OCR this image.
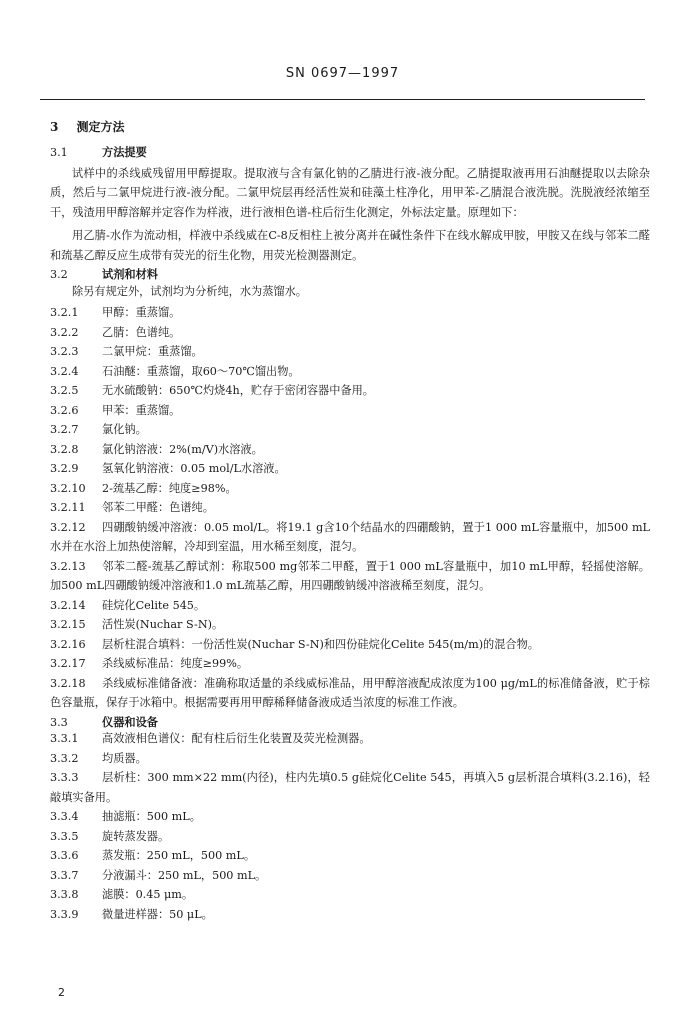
SN 0697—1997
3 测定方法
3.1	方法提要
试样中的杀线威残留用甲醇提取。提取液与含有氯化钠的乙腈进行液-液分配。乙腈提取液再用石油醚提取以去除杂质，然后与二氯甲烷进行液-液分配。二氯甲烷层再经活性炭和硅藻土柱净化，用甲苯-乙腈混合液洗脱。洗脱液经浓缩至干，残渣用甲醇溶解并定容作为样液，进行液相色谱-柱后衍生化测定，外标法定量。原理如下：
用乙腈-水作为流动相，样液中杀线威在C-8反相柱上被分离并在碱性条件下在线水解成甲胺，甲胺又在线与邻苯二醛和巯基乙醇反应生成带有荧光的衍生化物，用荧光检测器测定。
3.2	试剂和材料
除另有规定外，试剂均为分析纯，水为蒸馏水。
3.2.1	甲醇：重蒸馏。
3.2.2	乙腈：色谱纯。
3.2.3	二氯甲烷：重蒸馏。
3.2.4	石油醚：重蒸馏，取60～70℃馏出物。
3.2.5	无水硫酸钠：650℃灼烧4h，贮存于密闭容器中备用。
3.2.6	甲苯：重蒸馏。
3.2.7	氯化钠。
3.2.8	氯化钠溶液：2%(m/V)水溶液。
3.2.9	氢氧化钠溶液：0.05 mol/L水溶液。
3.2.10	2-巯基乙醇：纯度≥98%。
3.2.11	邻苯二甲醛：色谱纯。
3.2.12 四硼酸钠缓冲溶液：0.05 mol/L。将19.1 g含10个结晶水的四硼酸钠，置于1 000 mL容量瓶中，加500 mL水并在水浴上加热使溶解，冷却到室温，用水稀至刻度，混匀。
3.2.13 邻苯二醛-巯基乙醇试剂：称取500 mg邻苯二甲醛，置于1 000 mL容量瓶中，加10 mL甲醇，轻摇使溶解。加500 mL四硼酸钠缓冲溶液和1.0 mL巯基乙醇，用四硼酸钠缓冲溶液稀至刻度，混匀。
3.2.14	硅烷化Celite 545。
3.2.15	活性炭(Nuchar S-N)。
3.2.16	层析柱混合填料：一份活性炭(Nuchar S-N)和四份硅烷化Celite 545(m/m)的混合物。
3.2.17	杀线威标准品：纯度≥99%。
3.2.18 杀线威标准储备液：准确称取适量的杀线威标准品，用甲醇溶液配成浓度为100 μg/mL的标准储备液，贮于棕色容量瓶，保存于冰箱中。根据需要再用甲醇稀释储备液成适当浓度的标准工作液。
3.3	仪器和设备
3.3.1	高效液相色谱仪：配有柱后衍生化装置及荧光检测器。
3.3.2	均质器。
3.3.3 层析柱：300 mm×22 mm(内径)，柱内先填0.5 g硅烷化Celite 545，再填入5 g层析混合填料(3.2.16)，轻敲填实备用。
3.3.4	抽滤瓶：500 mL。
3.3.5	旋转蒸发器。
3.3.6	蒸发瓶：250 mL，500 mL。
3.3.7	分液漏斗：250 mL，500 mL。
3.3.8	滤膜：0.45 μm。
3.3.9	微量进样器：50 μL。
2
